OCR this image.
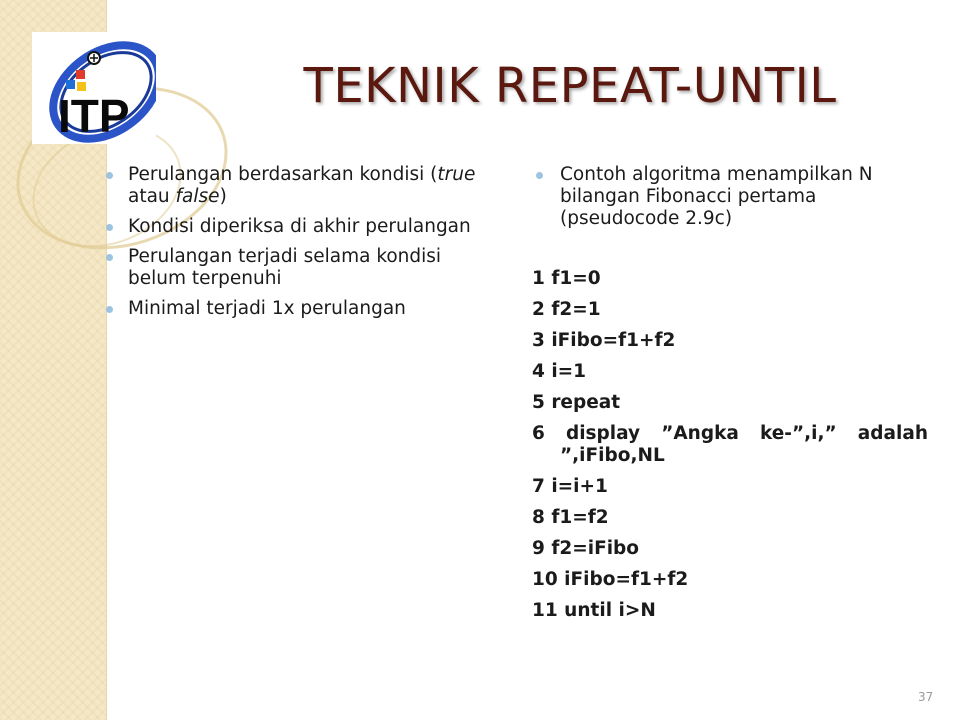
ITP
TEKNIK REPEAT-UNTIL
Perulangan berdasarkan kondisi (true atau false)
Kondisi diperiksa di akhir perulangan
Perulangan terjadi selama kondisi belum terpenuhi
Minimal terjadi 1x perulangan
Contoh algoritma menampilkan N bilangan Fibonacci pertama (pseudocode 2.9c)
1 f1=0
2 f2=1
3 iFibo=f1+f2
4 i=1
5 repeat
6 display ”Angka ke-”,i,” adalah
”,iFibo,NL
7 i=i+1
8 f1=f2
9 f2=iFibo
10 iFibo=f1+f2
11 until i>N
37
